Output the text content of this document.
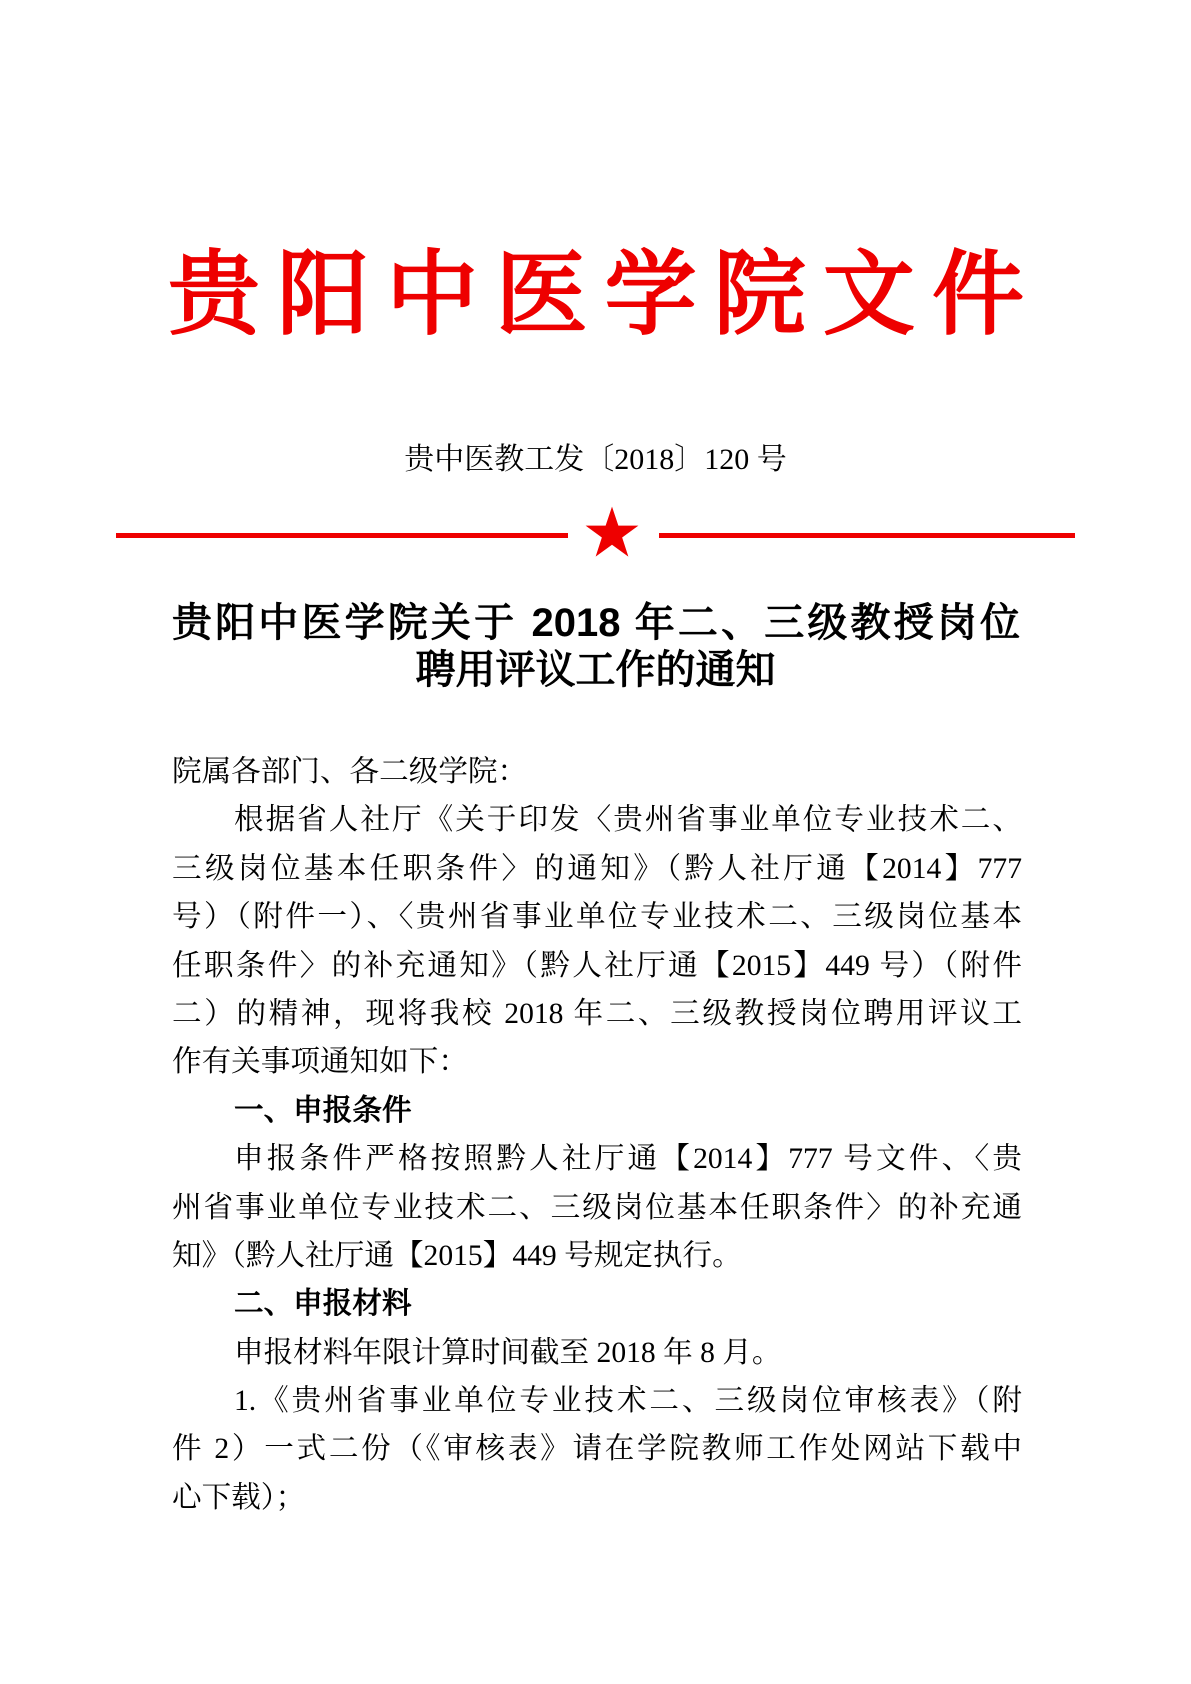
贵阳中医学院文件
贵中医教工发〔2018〕120 号
贵阳中医学院关于 2018 年二、三级教授岗位
聘用评议工作的通知
院属各部门、各二级学院：
根据省人社厅《关于印发〈贵州省事业单位专业技术二、
三级岗位基本任职条件〉的通知》（黔人社厅通【2014】777
号）（附件一）、〈贵州省事业单位专业技术二、三级岗位基本
任职条件〉的补充通知》（黔人社厅通【2015】449 号）（附件
二）的精神，现将我校 2018 年二、三级教授岗位聘用评议工
作有关事项通知如下：
一、申报条件
申报条件严格按照黔人社厅通【2014】777 号文件、〈贵
州省事业单位专业技术二、三级岗位基本任职条件〉的补充通
知》（黔人社厅通【2015】449 号规定执行。
二、申报材料
申报材料年限计算时间截至 2018 年 8 月。
1.《贵州省事业单位专业技术二、三级岗位审核表》（附
件 2）一式二份（《审核表》请在学院教师工作处网站下载中
心下载）；
